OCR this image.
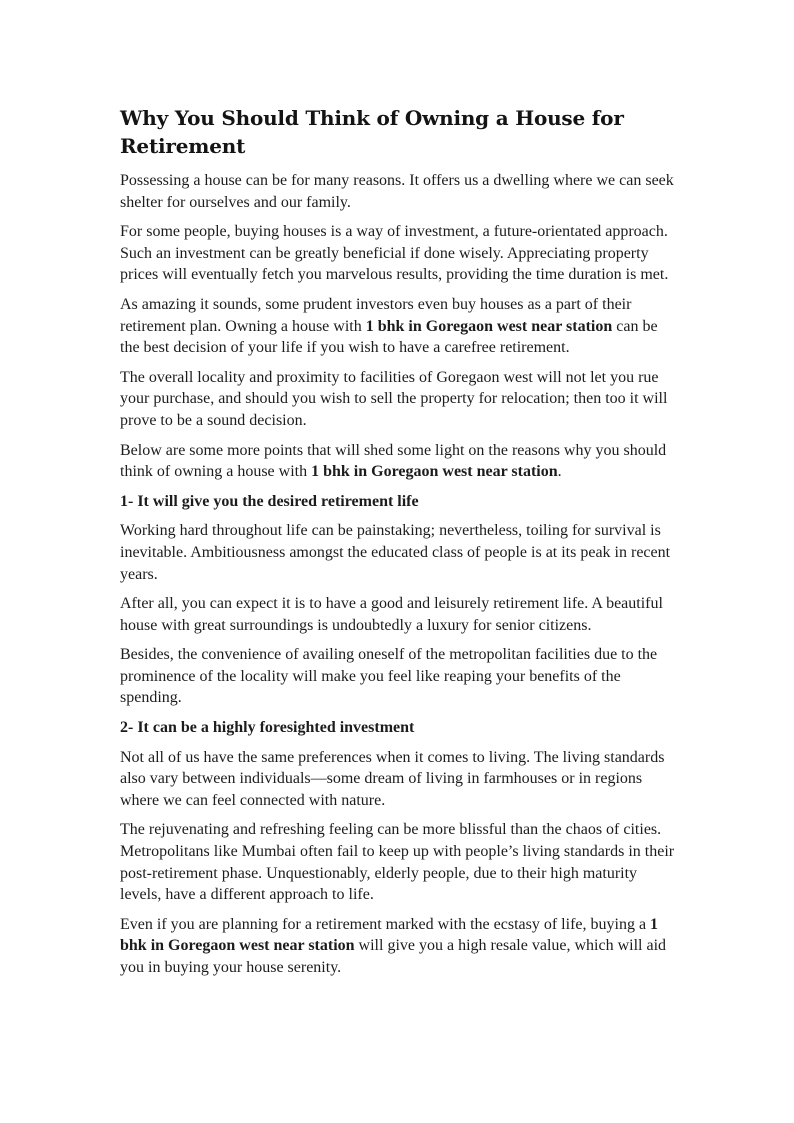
Why You Should Think of Owning a House for Retirement

Possessing a house can be for many reasons. It offers us a dwelling where we can seek shelter for ourselves and our family.

For some people, buying houses is a way of investment, a future-orientated approach. Such an investment can be greatly beneficial if done wisely. Appreciating property prices will eventually fetch you marvelous results, providing the time duration is met.

As amazing it sounds, some prudent investors even buy houses as a part of their retirement plan. Owning a house with 1 bhk in Goregaon west near station can be the best decision of your life if you wish to have a carefree retirement.

The overall locality and proximity to facilities of Goregaon west will not let you rue your purchase, and should you wish to sell the property for relocation; then too it will prove to be a sound decision.

Below are some more points that will shed some light on the reasons why you should think of owning a house with 1 bhk in Goregaon west near station.

1- It will give you the desired retirement life

Working hard throughout life can be painstaking; nevertheless, toiling for survival is inevitable. Ambitiousness amongst the educated class of people is at its peak in recent years.

After all, you can expect it is to have a good and leisurely retirement life. A beautiful house with great surroundings is undoubtedly a luxury for senior citizens.

Besides, the convenience of availing oneself of the metropolitan facilities due to the prominence of the locality will make you feel like reaping your benefits of the spending.

2- It can be a highly foresighted investment

Not all of us have the same preferences when it comes to living. The living standards also vary between individuals—some dream of living in farmhouses or in regions where we can feel connected with nature.

The rejuvenating and refreshing feeling can be more blissful than the chaos of cities. Metropolitans like Mumbai often fail to keep up with people’s living standards in their post-retirement phase. Unquestionably, elderly people, due to their high maturity levels, have a different approach to life.

Even if you are planning for a retirement marked with the ecstasy of life, buying a 1 bhk in Goregaon west near station will give you a high resale value, which will aid you in buying your house serenity.
